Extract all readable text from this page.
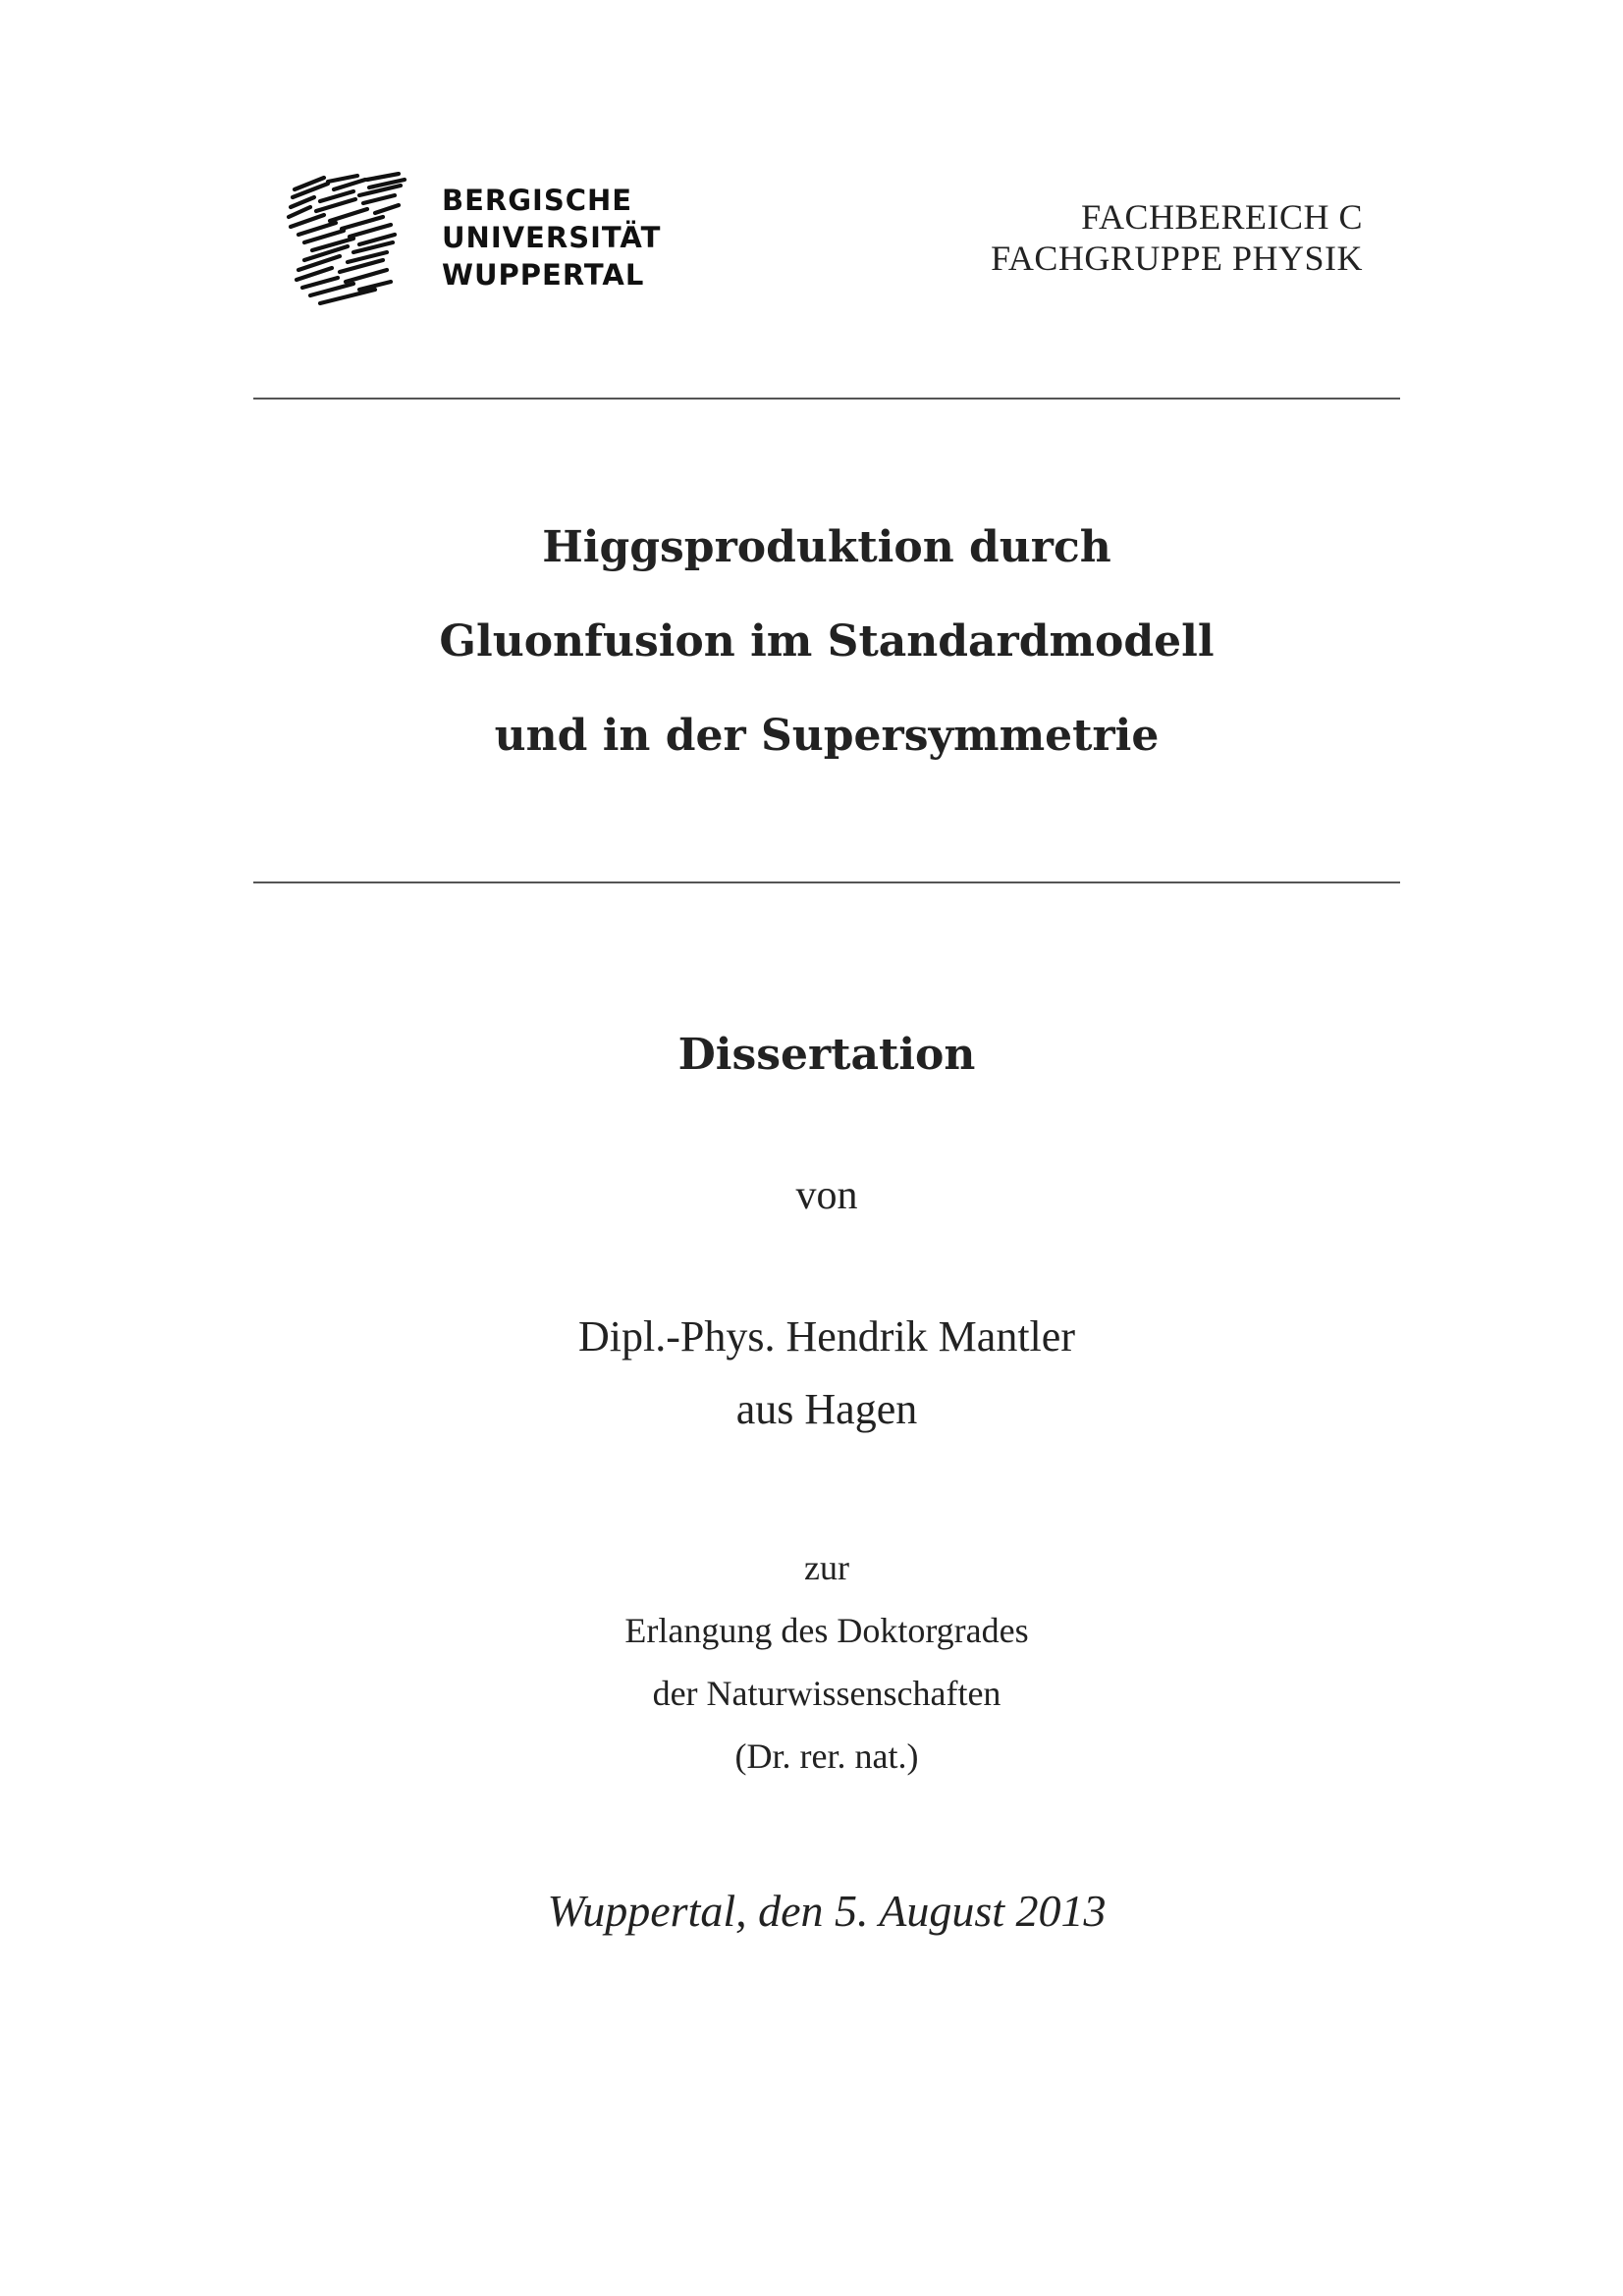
BERGISCHE
UNIVERSITÄT
WUPPERTAL
FACHBEREICH C
FACHGRUPPE PHYSIK
Higgsproduktion durch
Gluonfusion im Standardmodell
und in der Supersymmetrie
Dissertation
von
Dipl.-Phys. Hendrik Mantler
aus Hagen
zur
Erlangung des Doktorgrades
der Naturwissenschaften
(Dr. rer. nat.)
Wuppertal, den 5. August 2013
